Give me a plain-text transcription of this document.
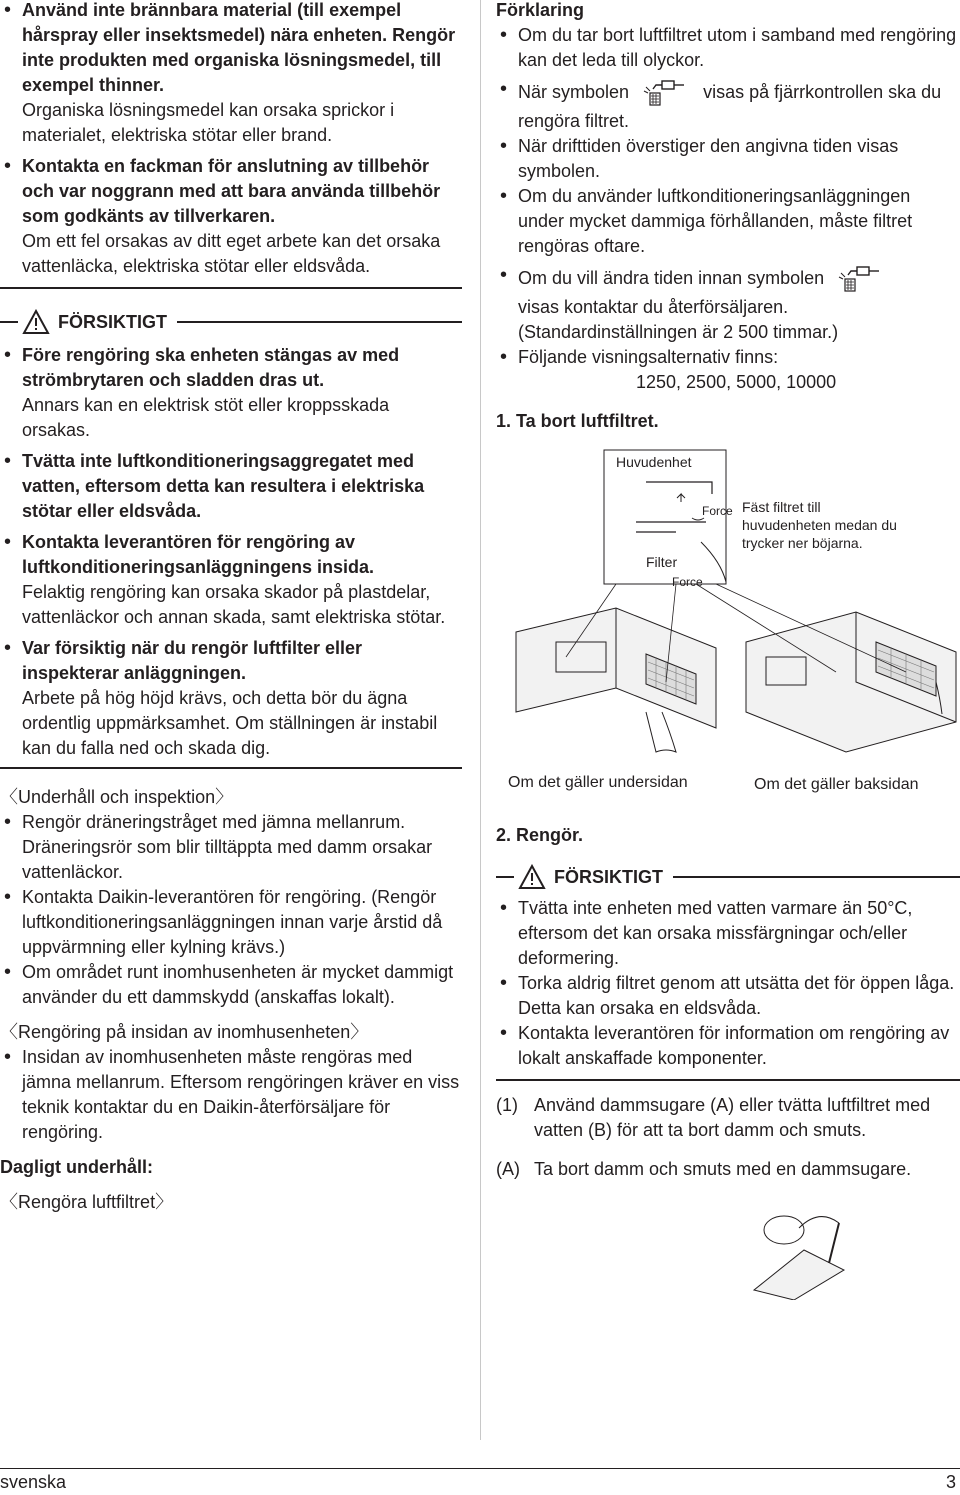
• Använd inte brännbara material (till exempel hårspray eller insektsmedel) nära enheten. Rengör inte produkten med organiska lösningsmedel, till exempel thinner.

Organiska lösningsmedel kan orsaka sprickor i materialet, elektriska stötar eller brand.

• Kontakta en fackman för anslutning av tillbehör och var noggrann med att bara använda tillbehör som godkänts av tillverkaren.

Om ett fel orsakas av ditt eget arbete kan det orsaka vattenläcka, elektriska stötar eller eldsvåda.

FÖRSIKTIGT

• Före rengöring ska enheten stängas av med strömbrytaren och sladden dras ut.

Annars kan en elektrisk stöt eller kroppsskada orsakas.

• Tvätta inte luftkonditioneringsaggregatet med vatten, eftersom detta kan resultera i elektriska stötar eller eldsvåda.

• Kontakta leverantören för rengöring av luftkonditioneringsanläggningens insida.

Felaktig rengöring kan orsaka skador på plastdelar, vattenläckor och annan skada, samt elektriska stötar.

• Var försiktig när du rengör luftfilter eller inspekterar anläggningen.

Arbete på hög höjd krävs, och detta bör du ägna ordentlig uppmärksamhet. Om ställningen är instabil kan du falla ned och skada dig.

〈Underhåll och inspektion〉

• Rengör dräneringstråget med jämna mellanrum. Dräneringsrör som blir tilltäppta med damm orsakar vattenläckor.
• Kontakta Daikin-leverantören för rengöring. (Rengör luftkonditioneringsanläggningen innan varje årstid då uppvärmning eller kylning krävs.)
• Om området runt inomhusenheten är mycket dammigt använder du ett dammskydd (anskaffas lokalt).

〈Rengöring på insidan av inomhusenheten〉

• Insidan av inomhusenheten måste rengöras med jämna mellanrum. Eftersom rengöringen kräver en viss teknik kontaktar du en Daikin-återförsäljare för rengöring.

Dagligt underhåll:

〈Rengöra luftfiltret〉

Förklaring

• Om du tar bort luftfiltret utom i samband med rengöring kan det leda till olyckor.
• När symbolen	visas på fjärrkontrollen ska du rengöra filtret.
• När drifttiden överstiger den angivna tiden visas symbolen.
• Om du använder luftkonditioneringsanläggningen under mycket dammiga förhållanden, måste filtret rengöras oftare.
• Om du vill ändra tiden innan symbolen
visas kontaktar du återförsäljaren. (Standardinställningen är 2 500 timmar.)
• Följande visningsalternativ finns:
1250, 2500, 5000, 10000

1. Ta bort luftfiltret.

Huvudenhet
Force
Filter
Force
Fäst filtret till huvudenheten medan du trycker ner böjarna.
Om det gäller undersidan	Om det gäller baksidan

2. Rengör.

FÖRSIKTIGT
• Tvätta inte enheten med vatten varmare än 50°C, eftersom det kan orsaka missfärgningar och/eller deformering.
• Torka aldrig filtret genom att utsätta det för öppen låga. Detta kan orsaka en eldsvåda.
• Kontakta leverantören för information om rengöring av lokalt anskaffade komponenter.
(1) Använd dammsugare (A) eller tvätta luftfiltret med vatten (B) för att ta bort damm och smuts.
(A) Ta bort damm och smuts med en dammsugare.
svenska	3
